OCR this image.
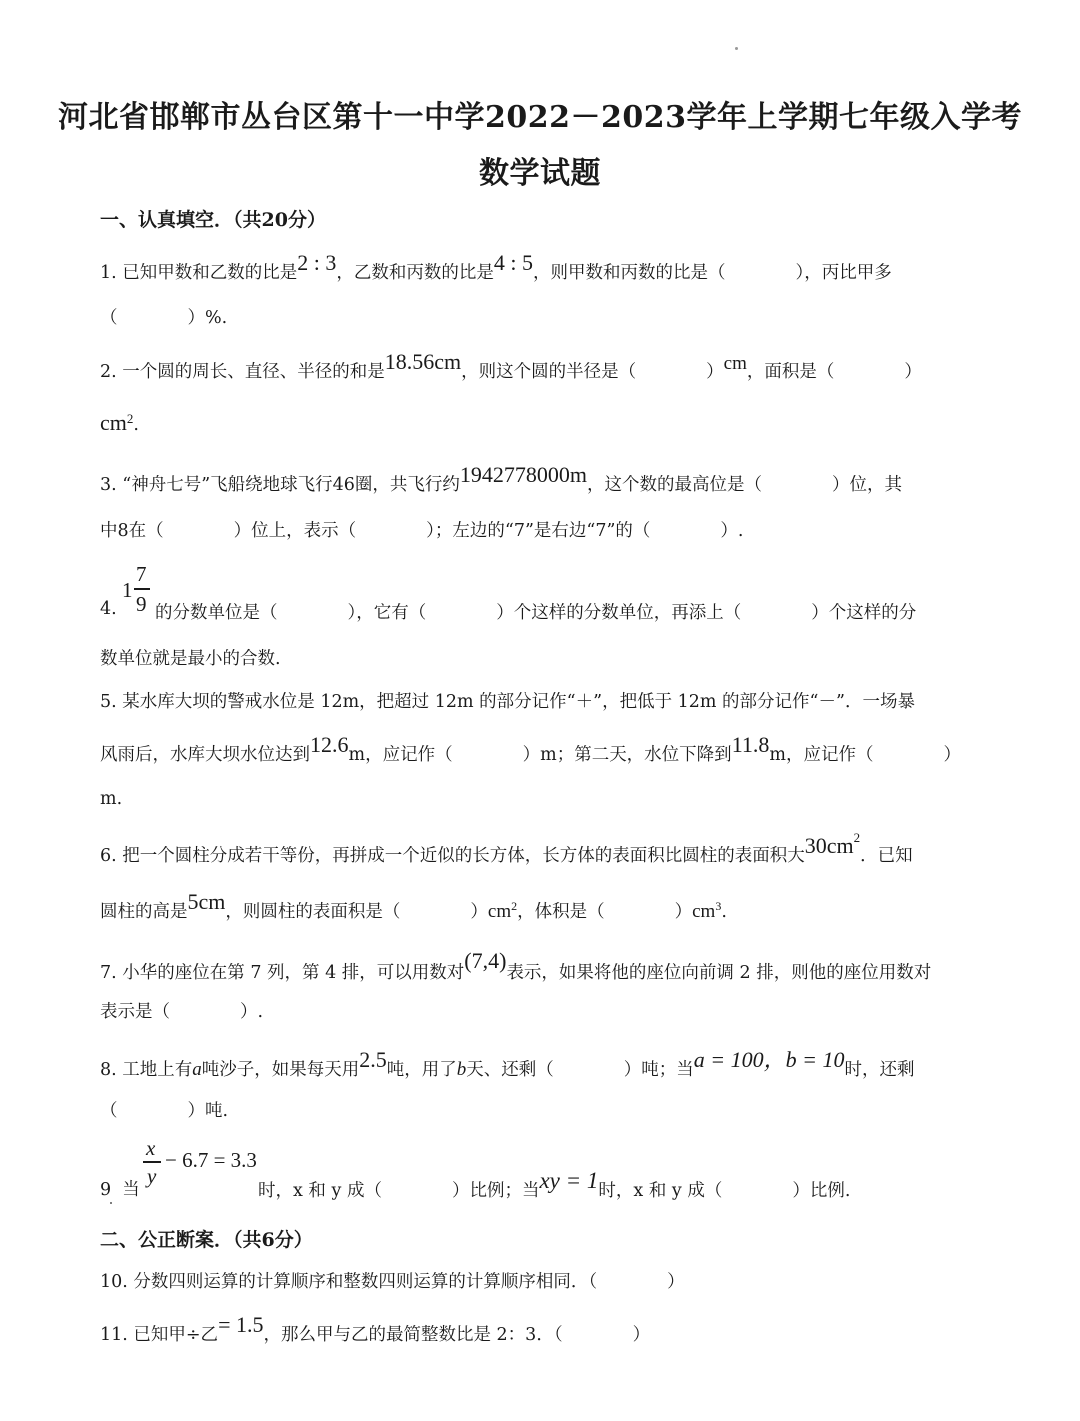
河北省邯郸市丛台区第十一中学2022－2023学年上学期七年级入学考
数学试题
一、认真填空．（共20分）
1. 已知甲数和乙数的比是2 : 3，乙数和丙数的比是4 : 5，则甲数和丙数的比是（　　　　），丙比甲多
（　　　　）%.
2. 一个圆的周长、直径、半径的和是18.56cm，则这个圆的半径是（　　　　）cm，面积是（　　　　）
$cm^2$.
3. “神舟七号”飞船绕地球飞行46圈，共飞行约1942778000m，这个数的最高位是（　　　　）位，其
中8在（　　　　）位上，表示（　　　　）；左边的“7”是右边“7”的（　　　　）.
1
7
9
4. 的分数单位是（　　　　），它有（　　　　）个这样的分数单位，再添上（　　　　）个这样的分
数单位就是最小的合数.
5. 某水库大坝的警戒水位是 12m，把超过 12m 的部分记作“＋”，把低于 12m 的部分记作“－”．一场暴
风雨后，水库大坝水位达到12.6m，应记作（　　　　）m；第二天，水位下降到11.8m，应记作（　　　　）
m.
6. 把一个圆柱分成若干等份，再拼成一个近似的长方体，长方体的表面积比圆柱的表面积大$30cm^2$．已知
圆柱的高是5cm，则圆柱的表面积是（　　　　）$cm^2$，体积是（　　　　）$cm^3$.
7. 小华的座位在第 7 列，第 4 排，可以用数对(7,4)表示，如果将他的座位向前调 2 排，则他的座位用数对
表示是（　　　　）.
8. 工地上有a吨沙子，如果每天用2.5吨，用了b天、还剩（　　　　）吨；当a = 100，b = 10时，还剩
（　　　　）吨.
x
y
− 6.7 = 3.3
9  当	时，x 和 y 成（　　　　）比例；当xy = 1时，x 和 y 成（　　　　）比例.
二、公正断案．（共6分）
10. 分数四则运算的计算顺序和整数四则运算的计算顺序相同．（　　　　）
11. 已知甲÷乙= 1.5，那么甲与乙的最简整数比是 2：3．（　　　　）
